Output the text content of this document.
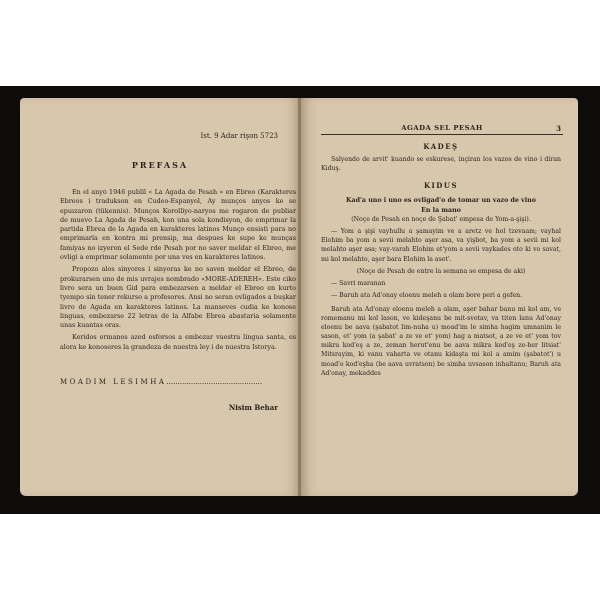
Ist. 9 Adar rişon 5723
PREFASA

En el anyo 1946 publiī « La Agada de Pesah » en Ebreo (Karakteres Ebreos i tradukson en Cudeo-Espanyol, Ay munços anyos ke se epuızaron (tükennis). Munços Korolliyo-naryos me rogaron de publiar de muevo La Agada de Pesah, kon una sola kondisyon, de emprimar la partida Ebrea de la Agada en karakteres latinos Munço ensisti para no emprimarla en kontra mi prensip, ma despues ke supe ke munças famiyas no izyeron el Sede rde Pesah por no saver meldar el Ebreo, me ovligi a emprimar solamente por una ves en karakteres latinos.

Propozo alos sinyores i sinyoras ke no saven meldar el Ebreo, de prokurarsen uno de mis uvrajes nombrado «MORE-ADEREH». Este ciko livro sera un buen Gid para embezarsen a meldar el Ebreo en kurto tyempo sin tener rekurso a profesores. Ansi no seran ovligados a buşkar livro de Agada en karakteres latinos. La manseves cudia ke konose linguas, embezarse 22 letras de la Alfabe Ebrea abastaria solamente unas kuantas oras.

Keridos ermanos azed esforsos a embezar vuestra lingua santa, es alora ke konoseres la grandeza de nuestra ley i de nuestra Istorya.

MOADIM LESIMHA...........................................
Nisim Behar
AGADA SEL PESAH	3
KADEŞ

Salyendo de arvit' kuando se eskurese, inçiran los vazos de vino i diran Kiduş.

KIDUS

Kad'a uno i uno es ovligad'o de tomar un vazo de vino

En la mano

(Noçe de Pesah en noçe de Şabat' empesa de Yom-a-şişi).

— Yom a şişi vayhullu a şamayim ve a aretz ve hol tzevaam; vayhal Elohim ba yom a sevii melahto aşer asa, va yişbot, ba yom a sevii mi kol melahto aşer asa; vay-varah Elohim et'yom a sevii vaykades oto ki vo savat, mi kol melahto, aşer bara Elohim la asot'.

(Noçe de Pesah de entre la semana se empesa de aki)

— Savri maranan

— Baruh ata Ad'onay eloenu meleh a olam bore peri a gefen.

Baruh ata Ad'onay eloenu meleh a olam, aşer bahar banu mi kol am, ve romemanu mi kol lason, ve kideşanu be mit-svotav, va titen lanu Ad'onay eloenu be aava (şabatot lim-nuha u) moad'im le simha hagim umnanim le sason, et' yom (a şabat' a ze ve et' yom) hag a matsot, a ze ve et' yom tov mikra kod'eş a ze, zeman herut'enu be aava mikra kod'eş ze-her litsiat' Mitsrayim, ki vanu vaharta ve otanu kidaşta mi kol a amim (şabatot') u moad'e kod'eşha (be aava uvratson) be simha uvsason inhaltanu; Baruh ata Ad'onay, mekaddes
